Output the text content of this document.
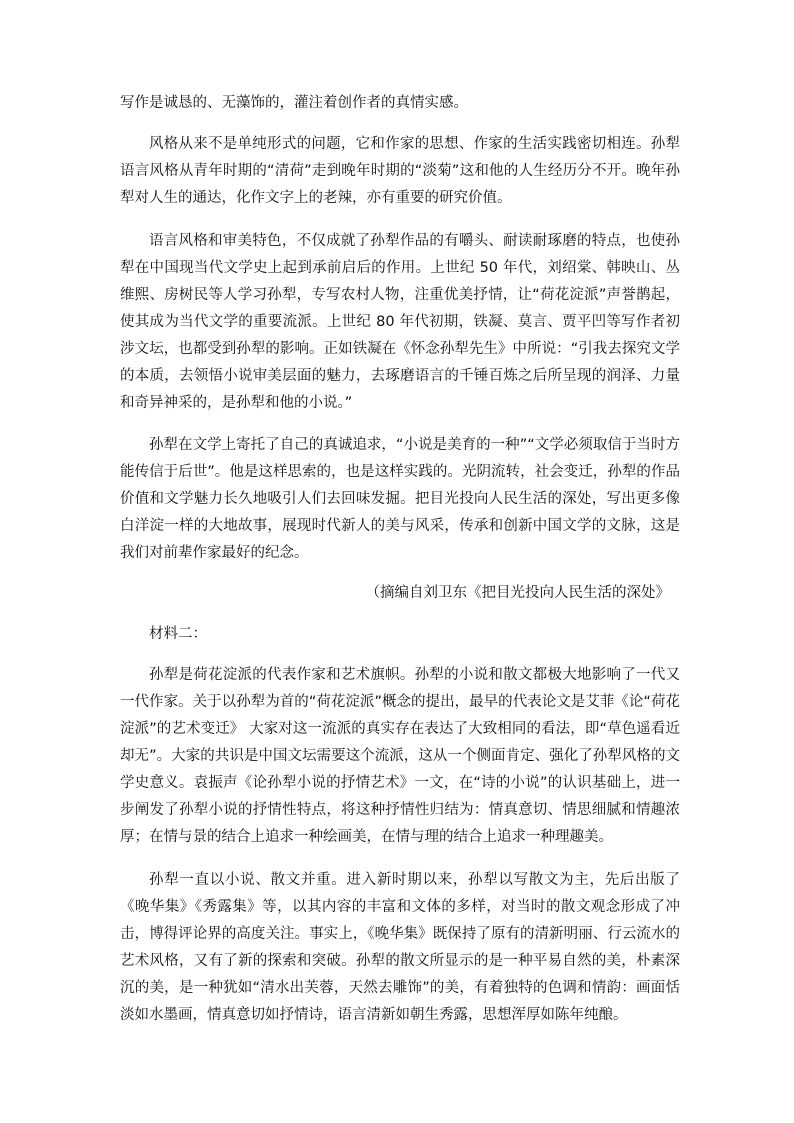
写作是诚恳的、无藻饰的，灌注着创作者的真情实感。

风格从来不是单纯形式的问题，它和作家的思想、作家的生活实践密切相连。孙犁语言风格从青年时期的“清荷”走到晚年时期的“淡菊”这和他的人生经历分不开。晚年孙犁对人生的通达，化作文字上的老辣，亦有重要的研究价值。

语言风格和审美特色，不仅成就了孙犁作品的有嚼头、耐读耐琢磨的特点，也使孙犁在中国现当代文学史上起到承前启后的作用。上世纪 50 年代，刘绍棠、韩映山、丛维熙、房树民等人学习孙犁，专写农村人物，注重优美抒情，让“荷花淀派”声誉鹊起，使其成为当代文学的重要流派。上世纪 80 年代初期，铁凝、莫言、贾平凹等写作者初涉文坛，也都受到孙犁的影响。正如铁凝在《怀念孙犁先生》中所说：“引我去探究文学的本质，去领悟小说审美层面的魅力，去琢磨语言的千锤百炼之后所呈现的润泽、力量和奇异神采的，是孙犁和他的小说。”

孙犁在文学上寄托了自己的真诚追求，“小说是美育的一种”“文学必须取信于当时方能传信于后世”。他是这样思索的，也是这样实践的。光阴流转，社会变迁，孙犁的作品价值和文学魅力长久地吸引人们去回味发掘。把目光投向人民生活的深处，写出更多像白洋淀一样的大地故事，展现时代新人的美与风采，传承和创新中国文学的文脉，这是我们对前辈作家最好的纪念。

（摘编自刘卫东《把目光投向人民生活的深处》

材料二：

孙犁是荷花淀派的代表作家和艺术旗帜。孙犁的小说和散文都极大地影响了一代又一代作家。关于以孙犁为首的“荷花淀派”概念的提出，最早的代表论文是艾菲《论“荷花淀派”的艺术变迁》 大家对这一流派的真实存在表达了大致相同的看法，即“草色遥看近却无”。大家的共识是中国文坛需要这个流派，这从一个侧面肯定、强化了孙犁风格的文学史意义。袁振声《论孙犁小说的抒情艺术》一文，在“诗的小说”的认识基础上，进一步阐发了孙犁小说的抒情性特点，将这种抒情性归结为：情真意切、情思细腻和情趣浓厚；在情与景的结合上追求一种绘画美，在情与理的结合上追求一种理趣美。

孙犁一直以小说、散文并重。进入新时期以来，孙犁以写散文为主，先后出版了《晚华集》《秀露集》等，以其内容的丰富和文体的多样，对当时的散文观念形成了冲击，博得评论界的高度关注。事实上，《晚华集》既保持了原有的清新明丽、行云流水的艺术风格，又有了新的探索和突破。孙犁的散文所显示的是一种平易自然的美，朴素深沉的美，是一种犹如“清水出芙蓉，天然去雕饰”的美，有着独特的色调和情韵：画面恬淡如水墨画，情真意切如抒情诗，语言清新如朝生秀露，思想浑厚如陈年纯酿。
